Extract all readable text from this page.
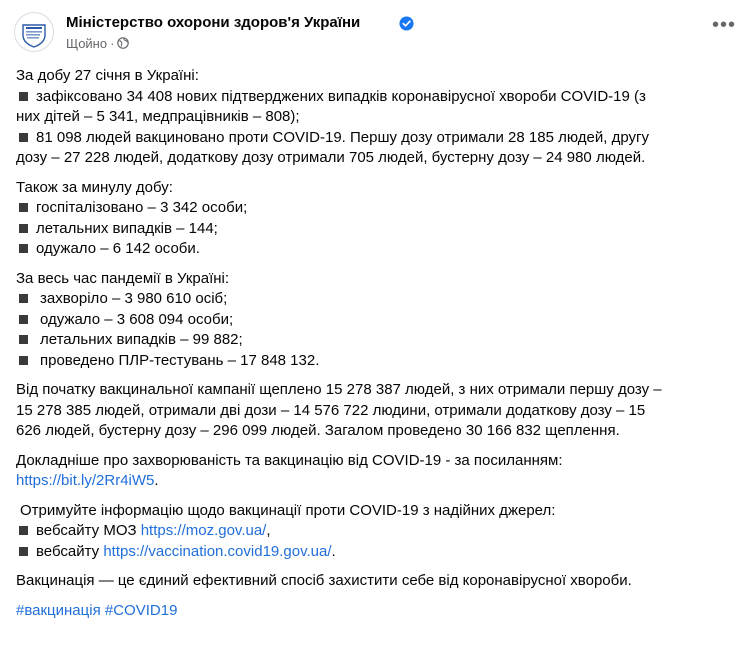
Міністерство охорони здоров'я України
Щойно ·
•••
За добу 27 січня в Україні:
зафіксовано 34 408 нових підтверджених випадків коронавірусної хвороби COVID-19 (з
них дітей – 5 341, медпрацівників – 808);
81 098 людей вакциновано проти COVID-19. Першу дозу отримали 28 185 людей, другу
дозу – 27 228 людей, додаткову дозу отримали 705 людей, бустерну дозу – 24 980 людей.
Також за минулу добу:
госпіталізовано – 3 342 особи;
летальних випадків – 144;
одужало – 6 142 особи.
За весь час пандемії в Україні:
захворіло – 3 980 610 осіб;
одужало – 3 608 094 особи;
летальних випадків – 99 882;
проведено ПЛР-тестувань – 17 848 132.
Від початку вакцинальної кампанії щеплено 15 278 387 людей, з них отримали першу дозу –
15 278 385 людей, отримали дві дози – 14 576 722 людини, отримали додаткову дозу – 15
626 людей, бустерну дозу – 296 099 людей. Загалом проведено 30 166 832 щеплення.
Докладніше про захворюваність та вакцинацію від COVID-19 - за посиланням:
https://bit.ly/2Rr4iW5.
Отримуйте інформацію щодо вакцинації проти COVID-19 з надійних джерел:
вебсайту МОЗ https://moz.gov.ua/,
вебсайту https://vaccination.covid19.gov.ua/.
Вакцинація — це єдиний ефективний спосіб захистити себе від коронавірусної хвороби.
#вакцинація #COVID19
